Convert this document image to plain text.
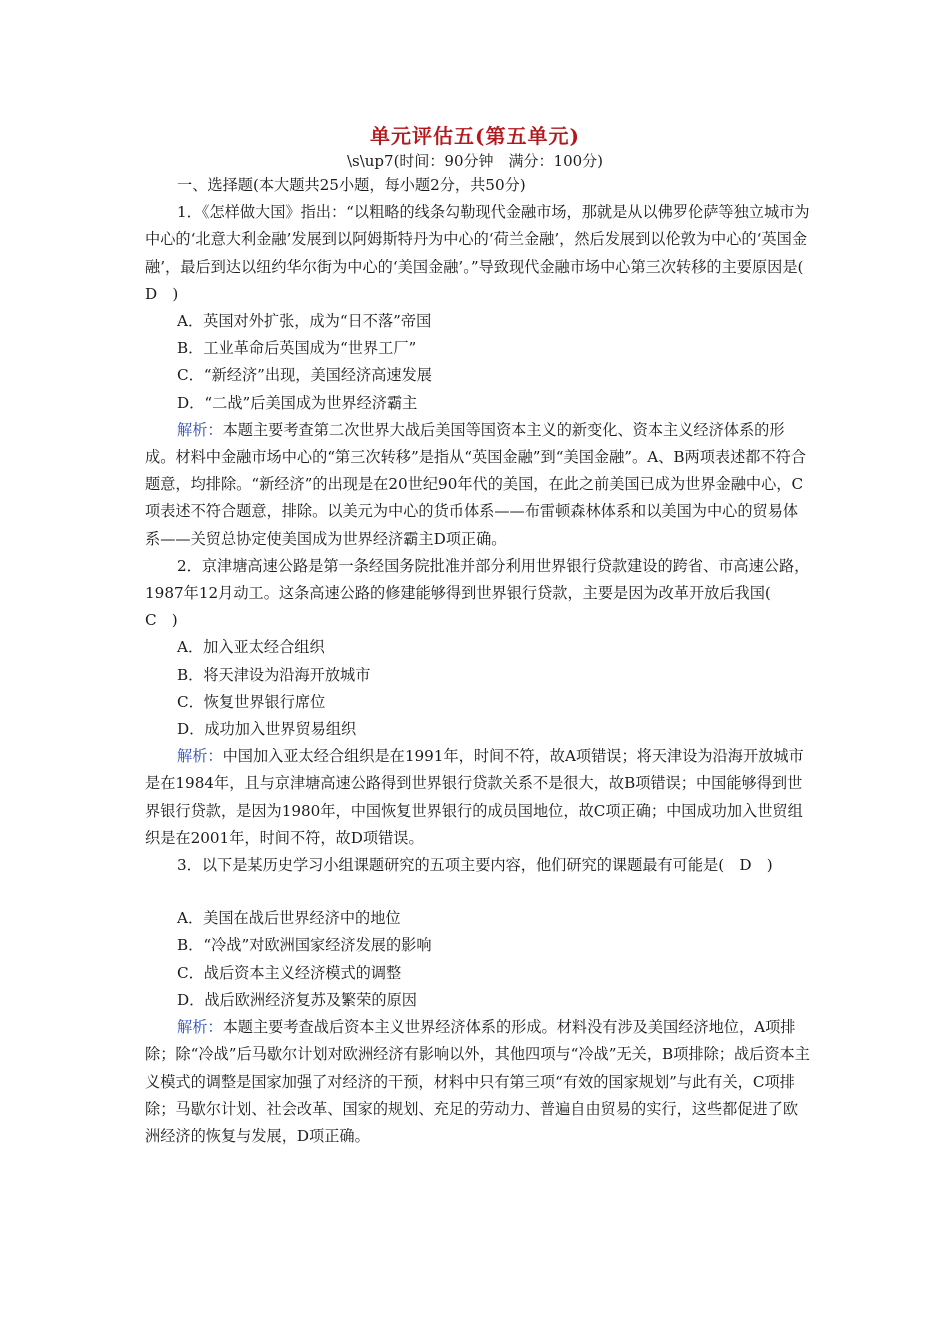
单元评估五(第五单元)
\s\up7(时间：90分钟　满分：100分)

一、选择题(本大题共25小题，每小题2分，共50分)

1．《怎样做大国》指出：“以粗略的线条勾勒现代金融市场，那就是从以佛罗伦萨等独立城市为中心的‘北意大利金融’发展到以阿姆斯特丹为中心的‘荷兰金融’，然后发展到以伦敦为中心的‘英国金融’，最后到达以纽约华尔街为中心的‘美国金融’。”导致现代金融市场中心第三次转移的主要原因是(　D　)

A．英国对外扩张，成为“日不落”帝国

B．工业革命后英国成为“世界工厂”

C．“新经济”出现，美国经济高速发展

D．“二战”后美国成为世界经济霸主

解析：本题主要考查第二次世界大战后美国等国资本主义的新变化、资本主义经济体系的形成。材料中金融市场中心的“第三次转移”是指从“英国金融”到“美国金融”。A、B两项表述都不符合题意，均排除。“新经济”的出现是在20世纪90年代的美国，在此之前美国已成为世界金融中心，C项表述不符合题意，排除。以美元为中心的货币体系——布雷顿森林体系和以美国为中心的贸易体系——关贸总协定使美国成为世界经济霸主D项正确。

2．京津塘高速公路是第一条经国务院批准并部分利用世界银行贷款建设的跨省、市高速公路，1987年12月动工。这条高速公路的修建能够得到世界银行贷款，主要是因为改革开放后我国(　C　)

A．加入亚太经合组织

B．将天津设为沿海开放城市

C．恢复世界银行席位

D．成功加入世界贸易组织

解析：中国加入亚太经合组织是在1991年，时间不符，故A项错误；将天津设为沿海开放城市是在1984年，且与京津塘高速公路得到世界银行贷款关系不是很大，故B项错误；中国能够得到世界银行贷款，是因为1980年，中国恢复世界银行的成员国地位，故C项正确；中国成功加入世贸组织是在2001年，时间不符，故D项错误。

3．以下是某历史学习小组课题研究的五项主要内容，他们研究的课题最有可能是(　D　)

A．美国在战后世界经济中的地位

B．“冷战”对欧洲国家经济发展的影响

C．战后资本主义经济模式的调整

D．战后欧洲经济复苏及繁荣的原因

解析：本题主要考查战后资本主义世界经济体系的形成。材料没有涉及美国经济地位，A项排除；除“冷战”后马歇尔计划对欧洲经济有影响以外，其他四项与“冷战”无关，B项排除；战后资本主义模式的调整是国家加强了对经济的干预，材料中只有第三项“有效的国家规划”与此有关，C项排除；马歇尔计划、社会改革、国家的规划、充足的劳动力、普遍自由贸易的实行，这些都促进了欧洲经济的恢复与发展，D项正确。
